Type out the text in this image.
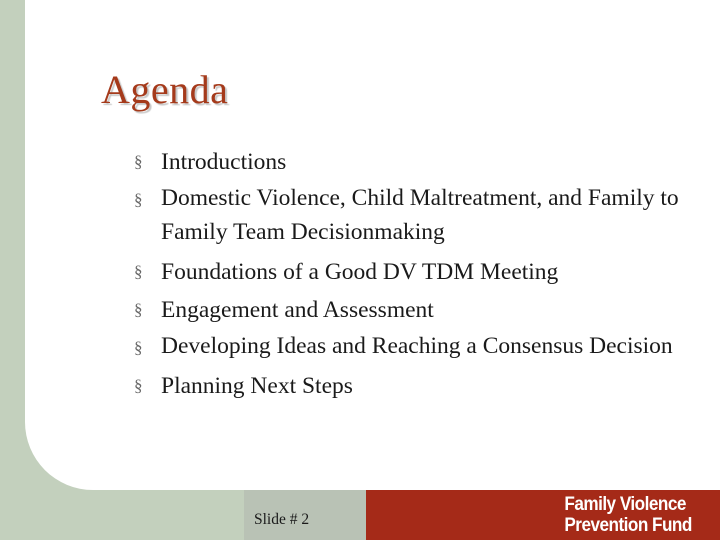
Agenda
§ Introductions
§ Domestic Violence, Child Maltreatment, and Family to Family Team Decisionmaking
§ Foundations of a Good DV TDM Meeting
§ Engagement and Assessment
§ Developing Ideas and Reaching a Consensus Decision
§ Planning Next Steps
Slide # 2
Family Violence
Prevention Fund
